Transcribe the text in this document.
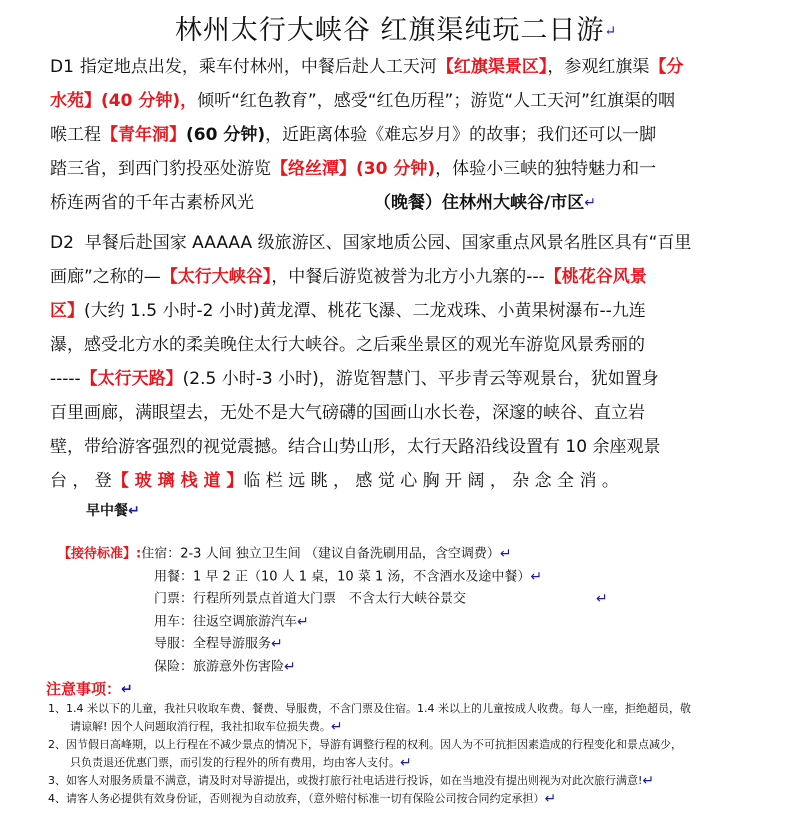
林州太行大峡谷 红旗渠纯玩二日游↵
D1 指定地点出发，乘车付林州，中餐后赴人工天河【红旗渠景区】，参观红旗渠【分
水苑】(40 分钟)，倾听“红色教育”，感受“红色历程”；游览“人工天河”红旗渠的咽
喉工程【青年洞】(60 分钟)，近距离体验《难忘岁月》的故事；我们还可以一脚
踏三省，到西门豹投巫处游览【络丝潭】(30 分钟)，体验小三峡的独特魅力和一
桥连两省的千年古素桥风光	（晚餐）住林州大峡谷/市区↵
D2 早餐后赴国家 AAAAA 级旅游区、国家地质公园、国家重点风景名胜区具有“百里
画廊”之称的—【太行大峡谷】，中餐后游览被誉为北方小九寨的---【桃花谷风景
区】(大约 1.5 小时-2 小时)黄龙潭、桃花飞瀑、二龙戏珠、小黄果树瀑布--九连
瀑，感受北方水的柔美晚住太行大峡谷。之后乘坐景区的观光车游览风景秀丽的
-----【太行天路】(2.5 小时-3 小时)，游览智慧门、平步青云等观景台，犹如置身
百里画廊，满眼望去，无处不是大气磅礴的国画山水长卷，深邃的峡谷、直立岩
壁，带给游客强烈的视觉震撼。结合山势山形，太行天路沿线设置有 10 余座观景
台 ， 登【 玻 璃 栈 道 】临 栏 远 眺 ， 感 觉 心 胸 开 阔 ， 杂 念 全 消 。
早中餐↵
【接待标准】:住宿：2-3 人间 独立卫生间 （建议自备洗刷用品，含空调费）↵
用餐：1 早 2 正（10 人 1 桌，10 菜 1 汤，不含酒水及途中餐）↵
门票：行程所列景点首道大门票　不含太行大峡谷景交	↵
用车：往返空调旅游汽车↵
导服：全程导游服务↵
保险：旅游意外伤害险↵
注意事项：↵
1、1.4 米以下的儿童，我社只收取车费、餐费、导服费，不含门票及住宿。1.4 米以上的儿童按成人收费。每人一座，拒绝超员，敬
请谅解! 因个人问题取消行程，我社扣取车位损失费。↵
2、因节假日高峰期，以上行程在不减少景点的情况下，导游有调整行程的权利。因人为不可抗拒因素造成的行程变化和景点减少，
只负责退还优惠门票，而引发的行程外的所有费用，均由客人支付。↵
3、如客人对服务质量不满意，请及时对导游提出，或拨打旅行社电话进行投诉，如在当地没有提出则视为对此次旅行满意!↵
4、请客人务必提供有效身份证，否则视为自动放弃，（意外赔付标准一切有保险公司按合同约定承担）↵
